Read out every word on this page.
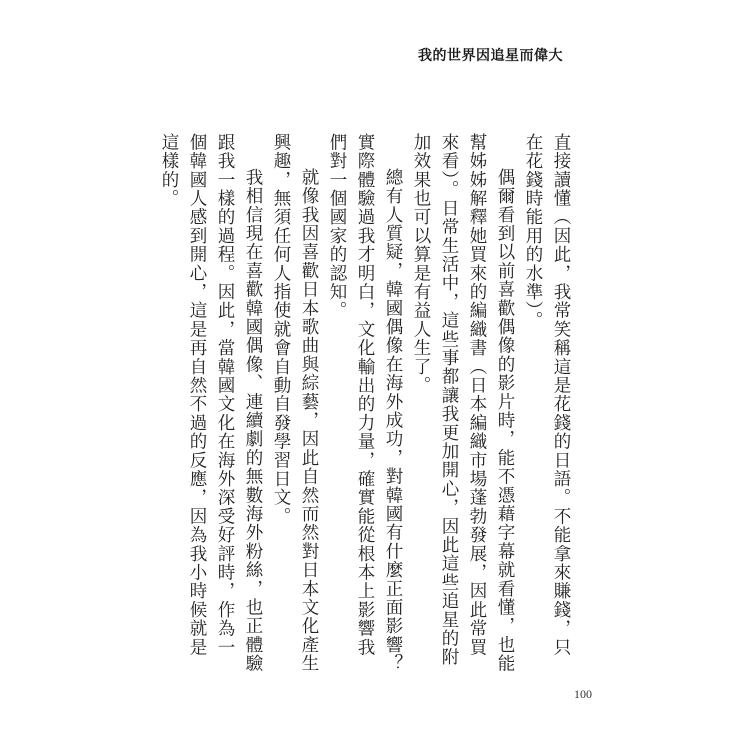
我的世界因追星而偉大

直接讀懂（因此，我常笑稱這是花錢的日語。不能拿來賺錢，只在花錢時能用的水準）。

偶爾看到以前喜歡偶像的影片時，能不憑藉字幕就看懂，也能幫姊姊解釋她買來的編織書（日本編織市場蓬勃發展，因此常買來看）。日常生活中，這些事都讓我更加開心，因此這些追星的附加效果也可以算是有益人生了。

總有人質疑，韓國偶像在海外成功，對韓國有什麼正面影響？實際體驗過我才明白，文化輸出的力量，確實能從根本上影響我們對一個國家的認知。

就像我因喜歡日本歌曲與綜藝，因此自然而然對日本文化產生興趣，無須任何人指使就會自動自發學習日文。

我相信現在喜歡韓國偶像、連續劇的無數海外粉絲，也正體驗跟我一樣的過程。因此，當韓國文化在海外深受好評時，作為一個韓國人感到開心，這是再自然不過的反應，因為我小時候就是這樣的。

100
